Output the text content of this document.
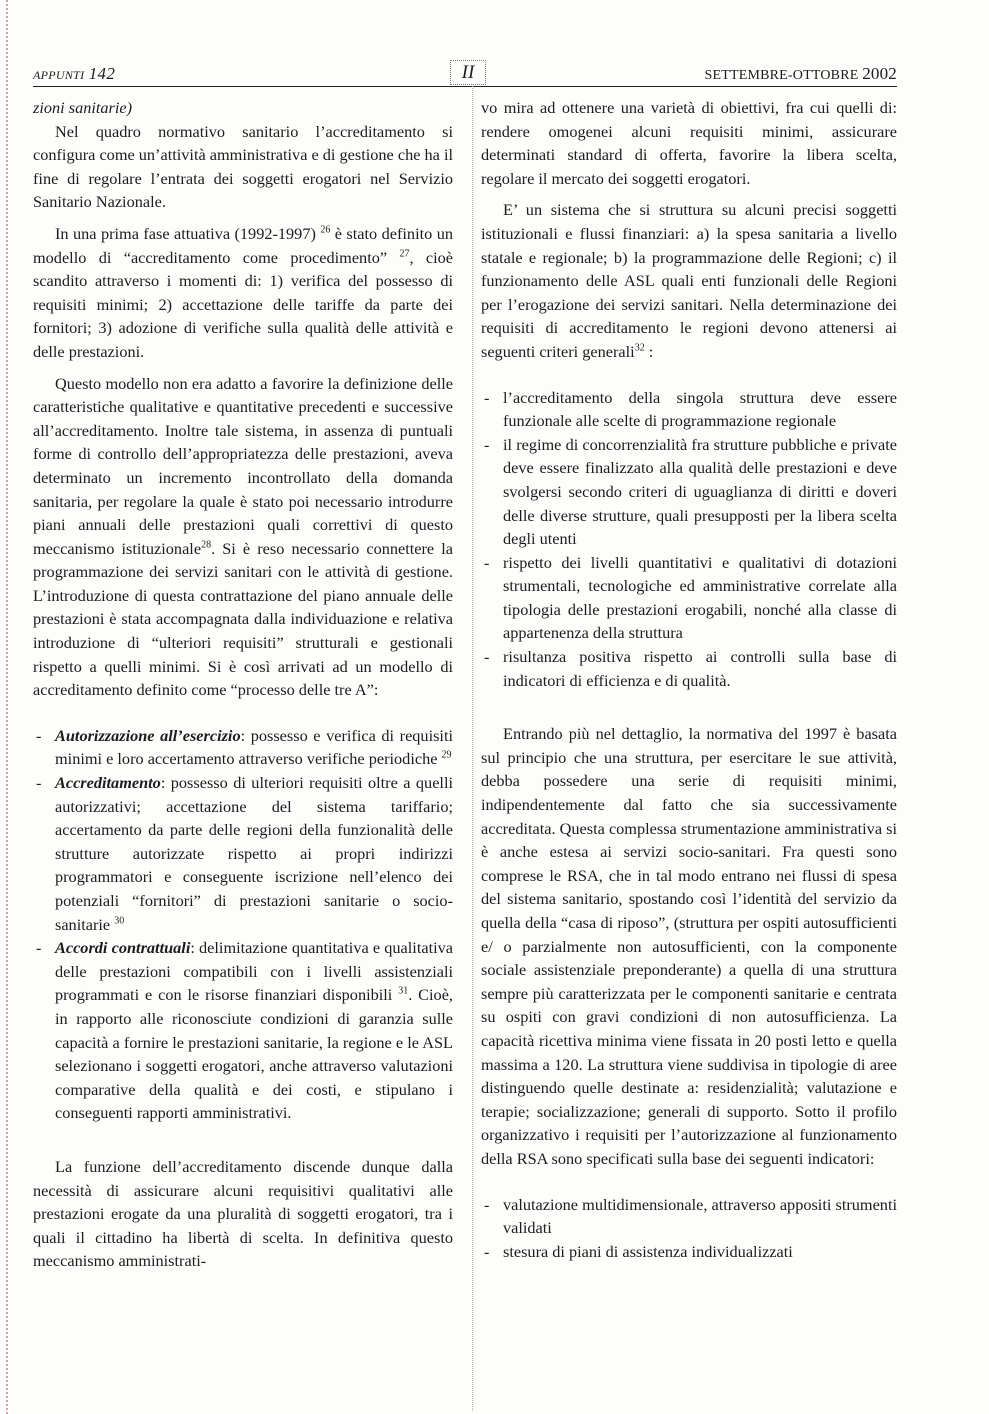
APPUNTI 142	II	SETTEMBRE-OTTOBRE 2002

zioni sanitarie)

Nel quadro normativo sanitario l’accreditamento si configura come un’attività amministrativa e di gestione che ha il fine di regolare l’entrata dei soggetti erogatori nel Servizio Sanitario Nazionale.

In una prima fase attuativa (1992-1997) $^{26}$ è stato definito un modello di “accreditamento come procedimento” $^{27}$, cioè scandito attraverso i momenti di: 1) verifica del possesso di requisiti minimi; 2) accettazione delle tariffe da parte dei fornitori; 3) adozione di verifiche sulla qualità delle attività e delle prestazioni.

Questo modello non era adatto a favorire la definizione delle caratteristiche qualitative e quantitative precedenti e successive all’accreditamento. Inoltre tale sistema, in assenza di puntuali forme di controllo dell’appropriatezza delle prestazioni, aveva determinato un incremento incontrollato della domanda sanitaria, per regolare la quale è stato poi necessario introdurre piani annuali delle prestazioni quali correttivi di questo meccanismo istituzionale$^{28}$. Si è reso necessario connettere la programmazione dei servizi sanitari con le attività di gestione. L’introduzione di questa contrattazione del piano annuale delle prestazioni è stata accompagnata dalla individuazione e relativa introduzione di “ulteriori requisiti” strutturali e gestionali rispetto a quelli minimi. Si è così arrivati ad un modello di accreditamento definito come “processo delle tre A”:

- Autorizzazione all’esercizio: possesso e verifica di requisiti minimi e loro accertamento attraverso verifiche periodiche $^{29}$
- Accreditamento: possesso di ulteriori requisiti oltre a quelli autorizzativi; accettazione del sistema tariffario; accertamento da parte delle regioni della funzionalità delle strutture autorizzate rispetto ai propri indirizzi programmatori e conseguente iscrizione nell’elenco dei potenziali “fornitori” di prestazioni sanitarie o socio-sanitarie $^{30}$
- Accordi contrattuali: delimitazione quantitativa e qualitativa delle prestazioni compatibili con i livelli assistenziali programmati e con le risorse finanziari disponibili $^{31}$. Cioè, in rapporto alle riconosciute condizioni di garanzia sulle capacità a fornire le prestazioni sanitarie, la regione e le ASL selezionano i soggetti erogatori, anche attraverso valutazioni comparative della qualità e dei costi, e stipulano i conseguenti rapporti amministrativi.

La funzione dell’accreditamento discende dunque dalla necessità di assicurare alcuni requisitivi qualitativi alle prestazioni erogate da una pluralità di soggetti erogatori, tra i quali il cittadino ha libertà di scelta. In definitiva questo meccanismo amministrati-

vo mira ad ottenere una varietà di obiettivi, fra cui quelli di: rendere omogenei alcuni requisiti minimi, assicurare determinati standard di offerta, favorire la libera scelta, regolare il mercato dei soggetti erogatori.

E’ un sistema che si struttura su alcuni precisi soggetti istituzionali e flussi finanziari: a) la spesa sanitaria a livello statale e regionale; b) la programmazione delle Regioni; c) il funzionamento delle ASL quali enti funzionali delle Regioni per l’erogazione dei servizi sanitari. Nella determinazione dei requisiti di accreditamento le regioni devono attenersi ai seguenti criteri generali$^{32}$ :

- l’accreditamento della singola struttura deve essere funzionale alle scelte di programmazione regionale
- il regime di concorrenzialità fra strutture pubbliche e private deve essere finalizzato alla qualità delle prestazioni e deve svolgersi secondo criteri di uguaglianza di diritti e doveri delle diverse strutture, quali presupposti per la libera scelta degli utenti
- rispetto dei livelli quantitativi e qualitativi di dotazioni strumentali, tecnologiche ed amministrative correlate alla tipologia delle prestazioni erogabili, nonché alla classe di appartenenza della struttura
- risultanza positiva rispetto ai controlli sulla base di indicatori di efficienza e di qualità.

Entrando più nel dettaglio, la normativa del 1997 è basata sul principio che una struttura, per esercitare le sue attività, debba possedere una serie di requisiti minimi, indipendentemente dal fatto che sia successivamente accreditata. Questa complessa strumentazione amministrativa si è anche estesa ai servizi socio-sanitari. Fra questi sono comprese le RSA, che in tal modo entrano nei flussi di spesa del sistema sanitario, spostando così l’identità del servizio da quella della “casa di riposo”, (struttura per ospiti autosufficienti e/ o parzialmente non autosufficienti, con la componente sociale assistenziale preponderante) a quella di una struttura sempre più caratterizzata per le componenti sanitarie e centrata su ospiti con gravi condizioni di non autosufficienza. La capacità ricettiva minima viene fissata in 20 posti letto e quella massima a 120. La struttura viene suddivisa in tipologie di aree distinguendo quelle destinate a: residenzialità; valutazione e terapie; socializzazione; generali di supporto. Sotto il profilo organizzativo i requisiti per l’autorizzazione al funzionamento della RSA sono specificati sulla base dei seguenti indicatori:

- valutazione multidimensionale, attraverso appositi strumenti validati
- stesura di piani di assistenza individualizzati
